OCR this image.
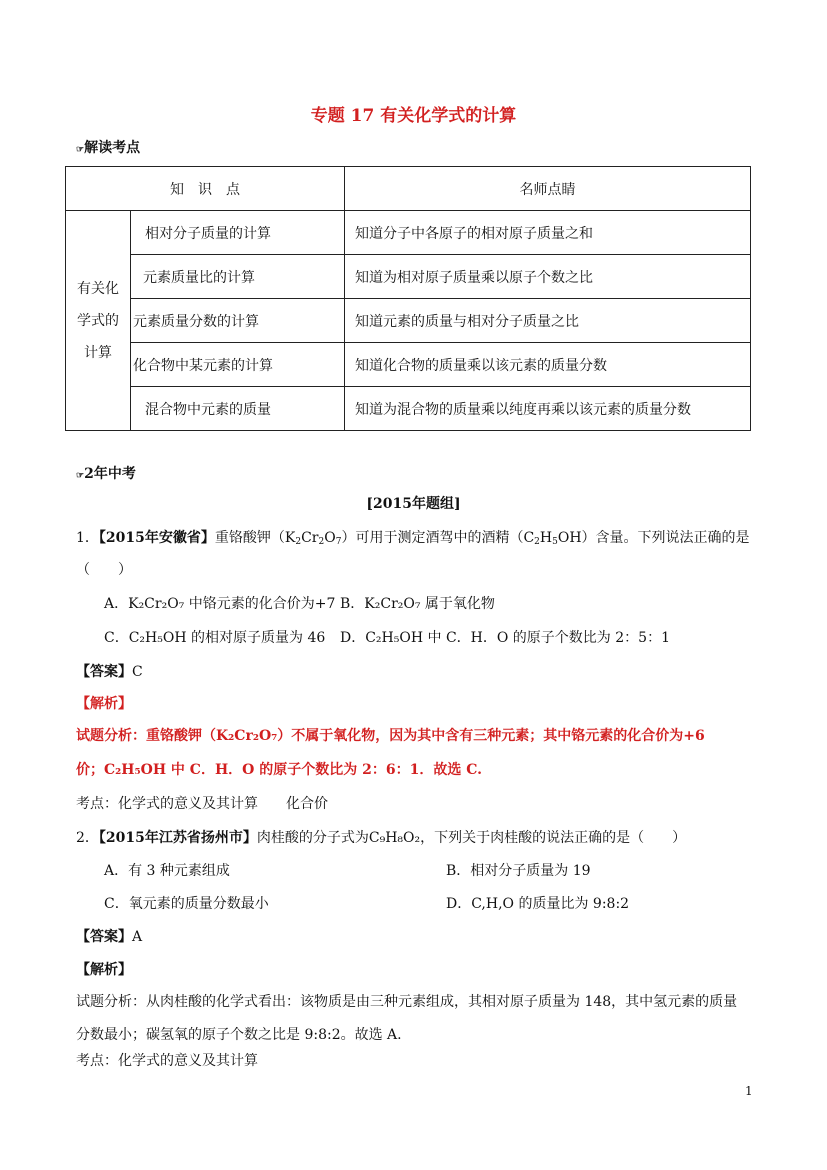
专题 17 有关化学式的计算
☞解读考点
知　识　点		名师点睛

有关化
学式的
计算	相对分子质量的计算	知道分子中各原子的相对原子质量之和
	元素质量比的计算	知道为相对原子质量乘以原子个数之比
	元素质量分数的计算	知道元素的质量与相对分子质量之比
	化合物中某元素的计算	知道化合物的质量乘以该元素的质量分数
	混合物中元素的质量	知道为混合物的质量乘以纯度再乘以该元素的质量分数
☞2年中考
[2015年题组]
1．【2015年安徽省】重铬酸钾$(K_2Cr_2O_7)$可用于测定酒驾中的酒精$(C_2H_5OH)$含量。下列说法正确的是
（　　）
A．K₂Cr₂O₇ 中铬元素的化合价为+7 B．K₂Cr₂O₇ 属于氧化物
C．C₂H₅OH 的相对原子质量为 46 D．C₂H₅OH 中 C．H．O 的原子个数比为 2：5：1
【答案】C
【解析】
试题分析：重铬酸钾（K₂Cr₂O₇）不属于氧化物，因为其中含有三种元素；其中铬元素的化合价为+6
价；C₂H₅OH 中 C．H．O 的原子个数比为 2：6：1．故选 C.
考点：化学式的意义及其计算　　化合价
2．【2015年江苏省扬州市】肉桂酸的分子式为C₉H₈O₂，下列关于肉桂酸的说法正确的是（　　）
A．有 3 种元素组成	B．相对分子质量为 19
C．氧元素的质量分数最小	D．C,H,O 的质量比为 9:8:2
【答案】A
【解析】
试题分析：从肉桂酸的化学式看出：该物质是由三种元素组成，其相对原子质量为 148，其中氢元素的质量
分数最小；碳氢氧的原子个数之比是 9:8:2。故选 A.
考点：化学式的意义及其计算
1
